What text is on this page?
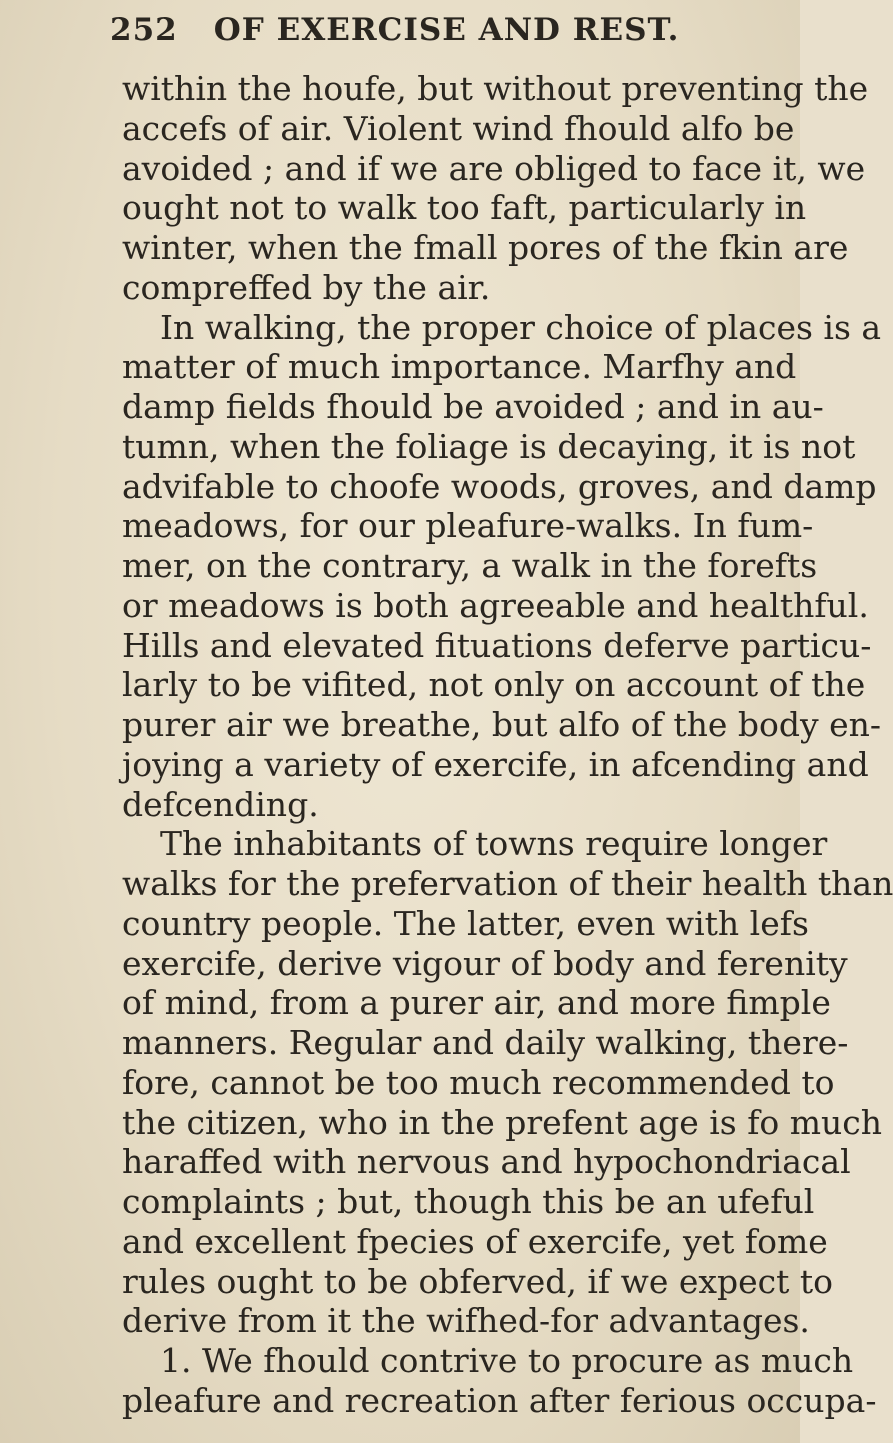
252 OF EXERCISE AND REST.
within the houfe, but without preventing the
accefs of air. Violent wind fhould alfo be
avoided ; and if we are obliged to face it, we
ought not to walk too faft, particularly in
winter, when the fmall pores of the fkin are
compreffed by the air.
In walking, the proper choice of places is a
matter of much importance. Marfhy and
damp fields fhould be avoided ; and in au-
tumn, when the foliage is decaying, it is not
advifable to choofe woods, groves, and damp
meadows, for our pleafure-walks. In fum-
mer, on the contrary, a walk in the forefts
or meadows is both agreeable and healthful.
Hills and elevated fituations deferve particu-
larly to be vifited, not only on account of the
purer air we breathe, but alfo of the body en-
joying a variety of exercife, in afcending and
defcending.
The inhabitants of towns require longer
walks for the prefervation of their health than
country people. The latter, even with lefs
exercife, derive vigour of body and ferenity
of mind, from a purer air, and more fimple
manners. Regular and daily walking, there-
fore, cannot be too much recommended to
the citizen, who in the prefent age is fo much
haraffed with nervous and hypochondriacal
complaints ; but, though this be an ufeful
and excellent fpecies of exercife, yet fome
rules ought to be obferved, if we expect to
derive from it the wifhed-for advantages.
1. We fhould contrive to procure as much
pleafure and recreation after ferious occupa-
